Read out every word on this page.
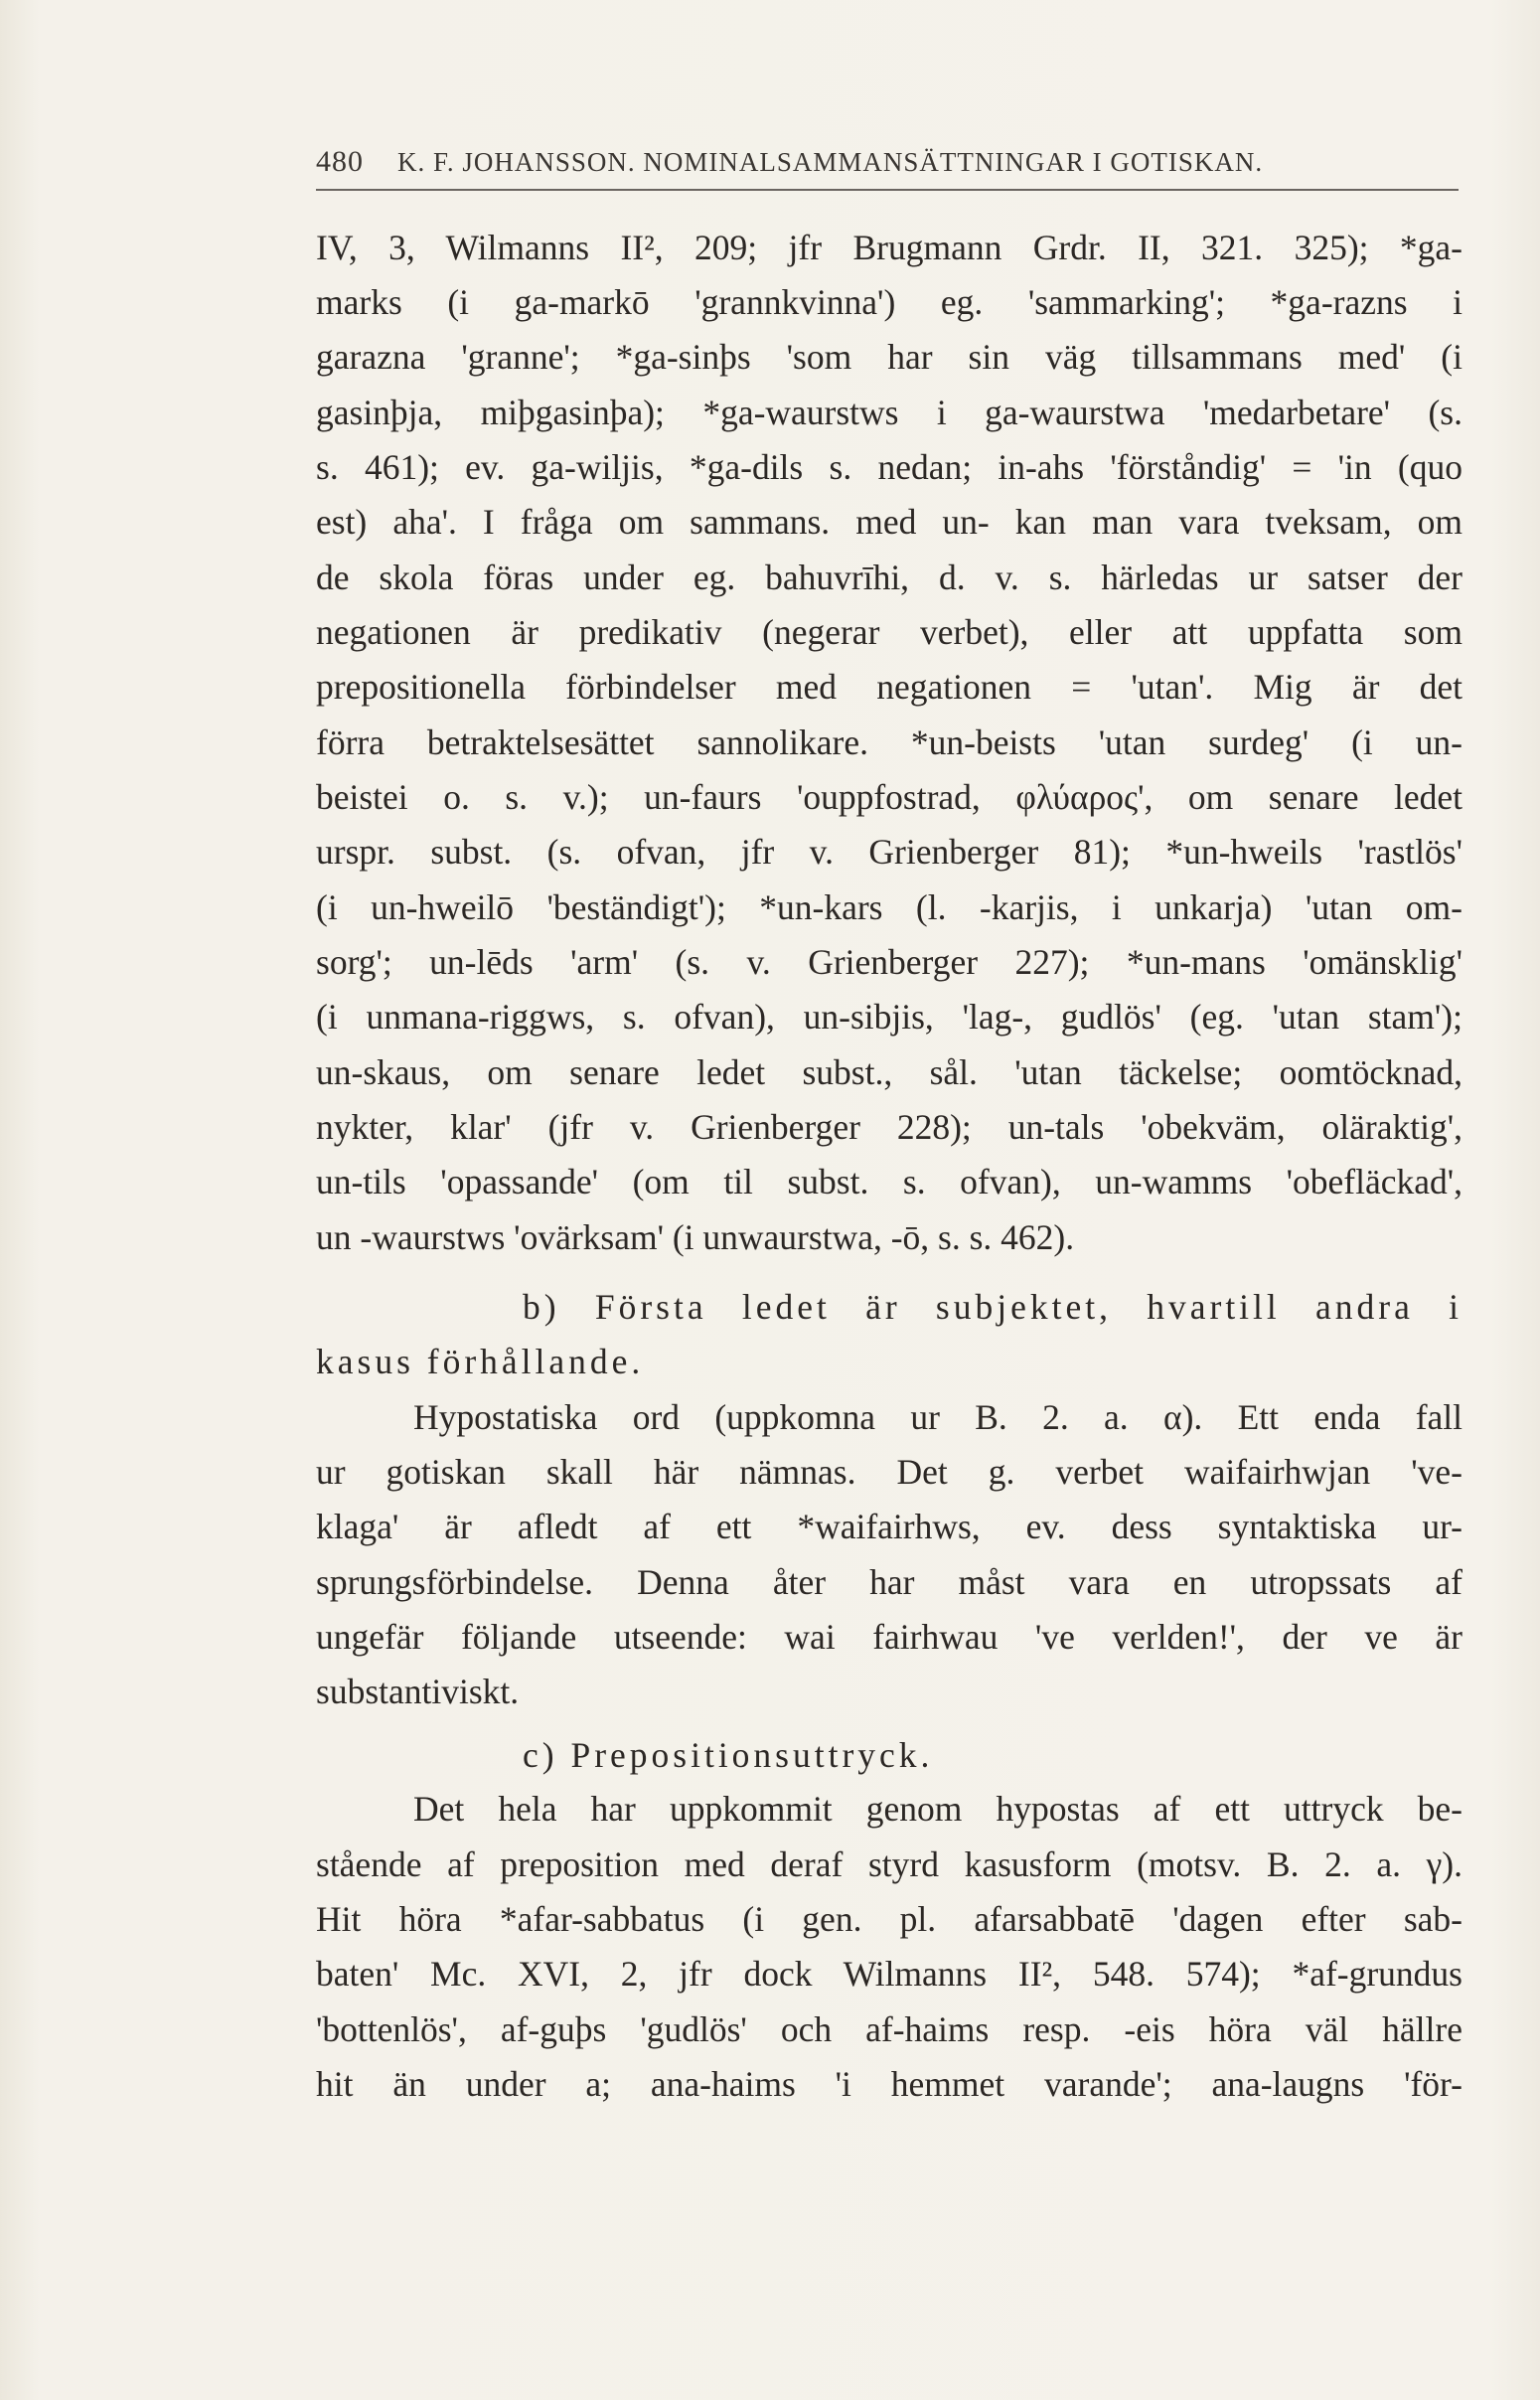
480 K. F. JOHANSSON. NOMINALSAMMANSÄTTNINGAR I GOTISKAN.
IV, 3, Wilmanns II², 209; jfr Brugmann Grdr. II, 321. 325); *ga-
marks (i ga-markō 'grannkvinna') eg. 'sammarking'; *ga-razns i
garazna 'granne'; *ga-sinþs 'som har sin väg tillsammans med' (i
gasinþja, miþgasinþa); *ga-waurstws i ga-waurstwa 'medarbetare' (s.
s. 461); ev. ga-wiljis, *ga-dils s. nedan; in-ahs 'förståndig' = 'in (quo
est) aha'. I fråga om sammans. med un- kan man vara tveksam, om
de skola föras under eg. bahuvrīhi, d. v. s. härledas ur satser der
negationen är predikativ (negerar verbet), eller att uppfatta som
prepositionella förbindelser med negationen = 'utan'. Mig är det
förra betraktelsesättet sannolikare. *un-beists 'utan surdeg' (i un-
beistei o. s. v.); un-faurs 'ouppfostrad, φλύαρος', om senare ledet
urspr. subst. (s. ofvan, jfr v. Grienberger 81); *un-hweils 'rastlös'
(i un-hweilō 'beständigt'); *un-kars (l. -karjis, i unkarja) 'utan om-
sorg'; un-lēds 'arm' (s. v. Grienberger 227); *un-mans 'omänsklig'
(i unmana-riggws, s. ofvan), un-sibjis, 'lag-, gudlös' (eg. 'utan stam');
un-skaus, om senare ledet subst., sål. 'utan täckelse; oomtöcknad,
nykter, klar' (jfr v. Grienberger 228); un-tals 'obekväm, oläraktig',
un-tils 'opassande' (om til subst. s. ofvan), un-wamms 'obefläckad',
un -waurstws 'ovärksam' (i unwaurstwa, -ō, s. s. 462).
b) Första ledet är subjektet, hvartill andra i
kasus förhållande.
Hypostatiska ord (uppkomna ur B. 2. a. α). Ett enda fall
ur gotiskan skall här nämnas. Det g. verbet waifairhwjan 've-
klaga' är afledt af ett *waifairhws, ev. dess syntaktiska ur-
sprungsförbindelse. Denna åter har måst vara en utropssats af
ungefär följande utseende: wai fairhwau 've verlden!', der ve är
substantiviskt.
c) Prepositionsuttryck.
Det hela har uppkommit genom hypostas af ett uttryck be-
stående af preposition med deraf styrd kasusform (motsv. B. 2. a. γ).
Hit höra *afar-sabbatus (i gen. pl. afarsabbatē 'dagen efter sab-
baten' Mc. XVI, 2, jfr dock Wilmanns II², 548. 574); *af-grundus
'bottenlös', af-guþs 'gudlös' och af-haims resp. -eis höra väl hällre
hit än under a; ana-haims 'i hemmet varande'; ana-laugns 'för-
